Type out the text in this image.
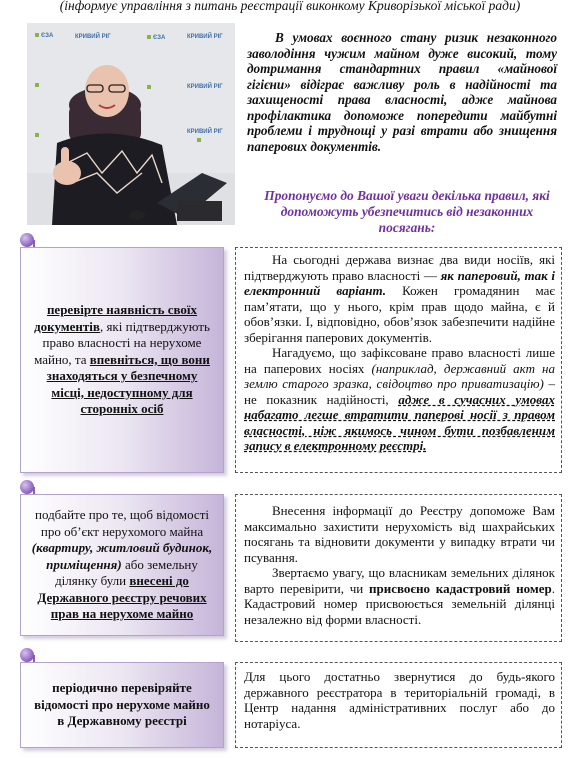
(інформує управління з питань реєстрації виконкому Криворізької міської ради)
КРИВИЙ РІГ	КРИВИЙ РІГ
КРИВИЙ РІГ
КРИВИЙ РІГ
ЄЗА	ЄЗА	В умовах воєнного стану ризик незаконного заволодіння чужим майном дуже високий, тому дотримання стандартних правил «майнової гігієни» відіграє важливу роль в надійності та захищеності права власності, адже майнова профілактика допоможе попередити майбутні проблеми і труднощі у разі втрати або знищення паперових документів.
Пропонуємо до Вашої уваги декілька правил, які допоможуть убезпечитись від незаконних посягань:
перевірте наявність своїх документів, які підтверджують право власності на нерухоме майно, та впевніться, що вони знаходяться у безпечному місці, недоступному для сторонніх осіб

На сьогодні держава визнає два види носіїв, які підтверджують право власності — як паперовий, так і електронний варіант. Кожен громадянин має пам’ятати, що у нього, крім прав щодо майна, є й обов’язки. І, відповідно, обов’язок забезпечити надійне зберігання паперових документів.

Нагадуємо, що зафіксоване право власності лише на паперових носіях (наприклад, державний акт на землю старого зразка, свідоцтво про приватизацію) – не показник надійності, адже в сучасних умовах набагато легше втратити паперові носії з правом власності, ніж якимось чином бути позбавленим запису в електронному реєстрі.

подбайте про те, щоб відомості про об’єкт нерухомого майна (квартиру, житловий будинок, приміщення) або земельну ділянку були внесені до Державного реєстру речових прав на нерухоме майно

Внесення інформації до Реєстру допоможе Вам максимально захистити нерухомість від шахрайських посягань та відновити документи у випадку втрати чи псування.

Звертаємо увагу, що власникам земельних ділянок варто перевірити, чи присвоєно кадастровий номер. Кадастровий номер присвоюється земельній ділянці незалежно від форми власності.

періодично перевіряйте відомості про нерухоме майно в Державному реєстрі
Для цього достатньо звернутися до будь-якого державного реєстратора в територіальній громаді, в Центр надання адміністративних послуг або до нотаріуса.
